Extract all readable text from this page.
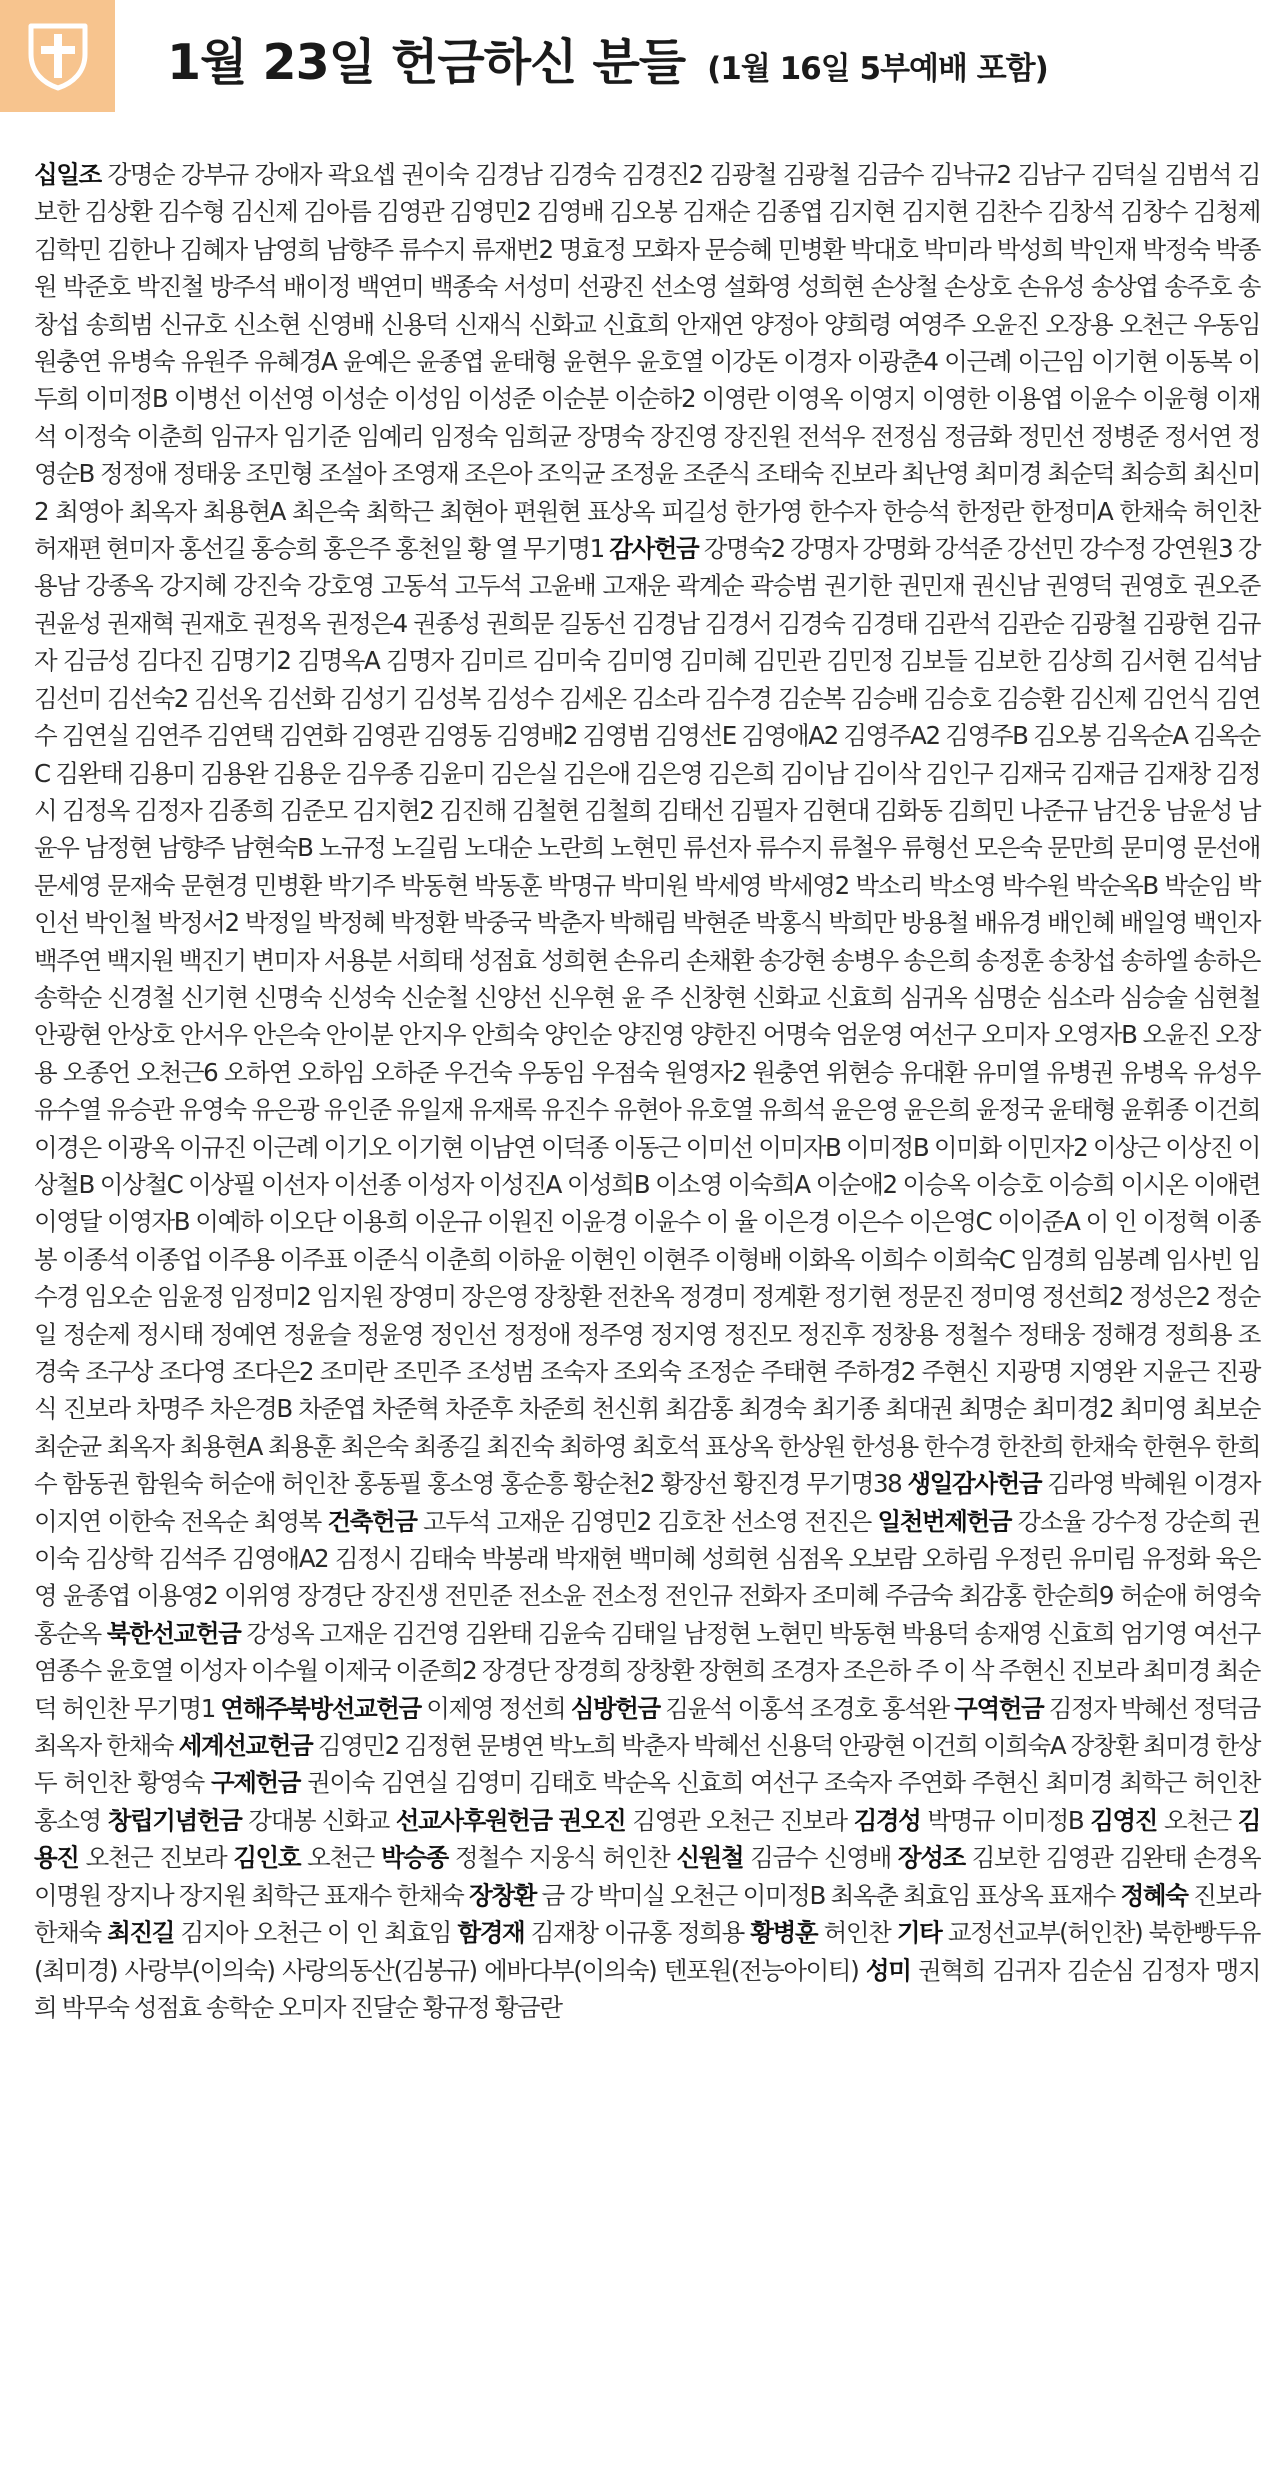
1월 23일 헌금하신 분들 (1월 16일 5부예배 포함)
십일조 강명순 강부규 강애자 곽요셉 권이숙 김경남 김경숙 김경진2 김광철 김광철 김금수 김낙규2 김남구 김덕실 김범석 김보한 김상환 김수형 김신제 김아름 김영관 김영민2 김영배 김오봉 김재순 김종엽 김지현 김지현 김찬수 김창석 김창수 김청제 김학민 김한나 김혜자 남영희 남향주 류수지 류재번2 명효정 모화자 문승혜 민병환 박대호 박미라 박성희 박인재 박정숙 박종원 박준호 박진철 방주석 배이정 백연미 백종숙 서성미 선광진 선소영 설화영 성희현 손상철 손상호 손유성 송상엽 송주호 송창섭 송희범 신규호 신소현 신영배 신용덕 신재식 신화교 신효희 안재연 양정아 양희령 여영주 오윤진 오장용 오천근 우동임 원충연 유병숙 유원주 유혜경A 윤예은 윤종엽 윤태형 윤현우 윤호열 이강돈 이경자 이광춘4 이근례 이근임 이기현 이동복 이두희 이미정B 이병선 이선영 이성순 이성임 이성준 이순분 이순하2 이영란 이영옥 이영지 이영한 이용엽 이윤수 이윤형 이재석 이정숙 이춘희 임규자 임기준 임예리 임정숙 임희균 장명숙 장진영 장진원 전석우 전정심 정금화 정민선 정병준 정서연 정영순B 정정애 정태웅 조민형 조설아 조영재 조은아 조익균 조정윤 조준식 조태숙 진보라 최난영 최미경 최순덕 최승희 최신미2 최영아 최옥자 최용현A 최은숙 최학근 최현아 편원현 표상옥 피길성 한가영 한수자 한승석 한정란 한정미A 한채숙 허인찬 허재편 현미자 홍선길 홍승희 홍은주 홍천일 황 열 무기명1 감사헌금 강명숙2 강명자 강명화 강석준 강선민 강수정 강연원3 강용남 강종옥 강지혜 강진숙 강호영 고동석 고두석 고윤배 고재운 곽계순 곽승범 권기한 권민재 권신남 권영덕 권영호 권오준 권윤성 권재혁 권재호 권정옥 권정은4 권종성 권희문 길동선 김경남 김경서 김경숙 김경태 김관석 김관순 김광철 김광현 김규자 김금성 김다진 김명기2 김명옥A 김명자 김미르 김미숙 김미영 김미혜 김민관 김민정 김보들 김보한 김상희 김서현 김석남 김선미 김선숙2 김선옥 김선화 김성기 김성복 김성수 김세온 김소라 김수경 김순복 김승배 김승호 김승환 김신제 김언식 김연수 김연실 김연주 김연택 김연화 김영관 김영동 김영배2 김영범 김영선E 김영애A2 김영주A2 김영주B 김오봉 김옥순A 김옥순C 김완태 김용미 김용완 김용운 김우종 김윤미 김은실 김은애 김은영 김은희 김이남 김이삭 김인구 김재국 김재금 김재창 김정시 김정옥 김정자 김종희 김준모 김지현2 김진해 김철현 김철희 김태선 김필자 김현대 김화동 김희민 나준규 남건웅 남윤성 남윤우 남정현 남향주 남현숙B 노규정 노길림 노대순 노란희 노현민 류선자 류수지 류철우 류형선 모은숙 문만희 문미영 문선애 문세영 문재숙 문현경 민병환 박기주 박동현 박동훈 박명규 박미원 박세영 박세영2 박소리 박소영 박수원 박순옥B 박순임 박인선 박인철 박정서2 박정일 박정혜 박정환 박중국 박춘자 박해림 박현준 박홍식 박희만 방용철 배유경 배인혜 배일영 백인자 백주연 백지원 백진기 변미자 서용분 서희태 성점효 성희현 손유리 손채환 송강현 송병우 송은희 송정훈 송창섭 송하엘 송하은 송학순 신경철 신기현 신명숙 신성숙 신순철 신양선 신우현 윤 주 신창현 신화교 신효희 심귀옥 심명순 심소라 심승술 심현철 안광현 안상호 안서우 안은숙 안이분 안지우 안희숙 양인순 양진영 양한진 어명숙 엄운영 여선구 오미자 오영자B 오윤진 오장용 오종언 오천근6 오하연 오하임 오하준 우건숙 우동임 우점숙 원영자2 원충연 위현승 유대환 유미열 유병권 유병옥 유성우 유수열 유승관 유영숙 유은광 유인준 유일재 유재록 유진수 유현아 유호열 유희석 윤은영 윤은희 윤정국 윤태형 윤휘종 이건희 이경은 이광옥 이규진 이근례 이기오 이기현 이남연 이덕종 이동근 이미선 이미자B 이미정B 이미화 이민자2 이상근 이상진 이상철B 이상철C 이상필 이선자 이선종 이성자 이성진A 이성희B 이소영 이숙희A 이순애2 이승옥 이승호 이승희 이시온 이애련 이영달 이영자B 이예하 이오단 이용희 이운규 이원진 이윤경 이윤수 이 율 이은경 이은수 이은영C 이이준A 이 인 이정혁 이종봉 이종석 이종업 이주용 이주표 이준식 이춘희 이하윤 이현인 이현주 이형배 이화옥 이희수 이희숙C 임경희 임봉례 임사빈 임수경 임오순 임윤정 임정미2 임지원 장영미 장은영 장창환 전찬옥 정경미 정계환 정기현 정문진 정미영 정선희2 정성은2 정순일 정순제 정시태 정예연 정윤슬 정윤영 정인선 정정애 정주영 정지영 정진모 정진후 정창용 정철수 정태웅 정해경 정희용 조경숙 조구상 조다영 조다은2 조미란 조민주 조성범 조숙자 조외숙 조정순 주태현 주하경2 주현신 지광명 지영완 지윤근 진광식 진보라 차명주 차은경B 차준엽 차준혁 차준후 차준희 천신휘 최감홍 최경숙 최기종 최대권 최명순 최미경2 최미영 최보순 최순균 최옥자 최용현A 최용훈 최은숙 최종길 최진숙 최하영 최호석 표상옥 한상원 한성용 한수경 한찬희 한채숙 한현우 한희수 함동권 함원숙 허순애 허인찬 홍동필 홍소영 홍순흥 황순천2 황장선 황진경 무기명38 생일감사헌금 김라영 박혜원 이경자 이지연 이한숙 전옥순 최영복 건축헌금 고두석 고재운 김영민2 김호찬 선소영 전진은 일천번제헌금 강소율 강수정 강순희 권이숙 김상학 김석주 김영애A2 김정시 김태숙 박봉래 박재현 백미혜 성희현 심점옥 오보람 오하림 우정린 유미림 유정화 육은영 윤종엽 이용영2 이위영 장경단 장진생 전민준 전소윤 전소정 전인규 전화자 조미혜 주금숙 최감홍 한순희9 허순애 허영숙 홍순옥 북한선교헌금 강성옥 고재운 김건영 김완태 김윤숙 김태일 남정현 노현민 박동현 박용덕 송재영 신효희 엄기영 여선구 염종수 윤호열 이성자 이수월 이제국 이준희2 장경단 장경희 장창환 장현희 조경자 조은하 주 이 삭 주현신 진보라 최미경 최순덕 허인찬 무기명1 연해주북방선교헌금 이제영 정선희 심방헌금 김윤석 이홍석 조경호 홍석완 구역헌금 김정자 박혜선 정덕금 최옥자 한채숙 세계선교헌금 김영민2 김정현 문병연 박노희 박춘자 박혜선 신용덕 안광현 이건희 이희숙A 장창환 최미경 한상두 허인찬 황영숙 구제헌금 권이숙 김연실 김영미 김태호 박순옥 신효희 여선구 조숙자 주연화 주현신 최미경 최학근 허인찬 홍소영 창립기념헌금 강대봉 신화교 선교사후원헌금 권오진 김영관 오천근 진보라 김경성 박명규 이미정B 김영진 오천근 김용진 오천근 진보라 김인호 오천근 박승종 정철수 지웅식 허인찬 신원철 김금수 신영배 장성조 김보한 김영관 김완태 손경옥 이명원 장지나 장지원 최학근 표재수 한채숙 장창환 금 강 박미실 오천근 이미정B 최옥춘 최효임 표상옥 표재수 정혜숙 진보라 한채숙 최진길 김지아 오천근 이 인 최효임 함경재 김재창 이규홍 정희용 황병훈 허인찬 기타 교정선교부(허인찬) 북한빵두유(최미경) 사랑부(이의숙) 사랑의동산(김봉규) 에바다부(이의숙) 텐포원(전능아이티) 성미 권혁희 김귀자 김순심 김정자 맹지희 박무숙 성점효 송학순 오미자 진달순 황규정 황금란
